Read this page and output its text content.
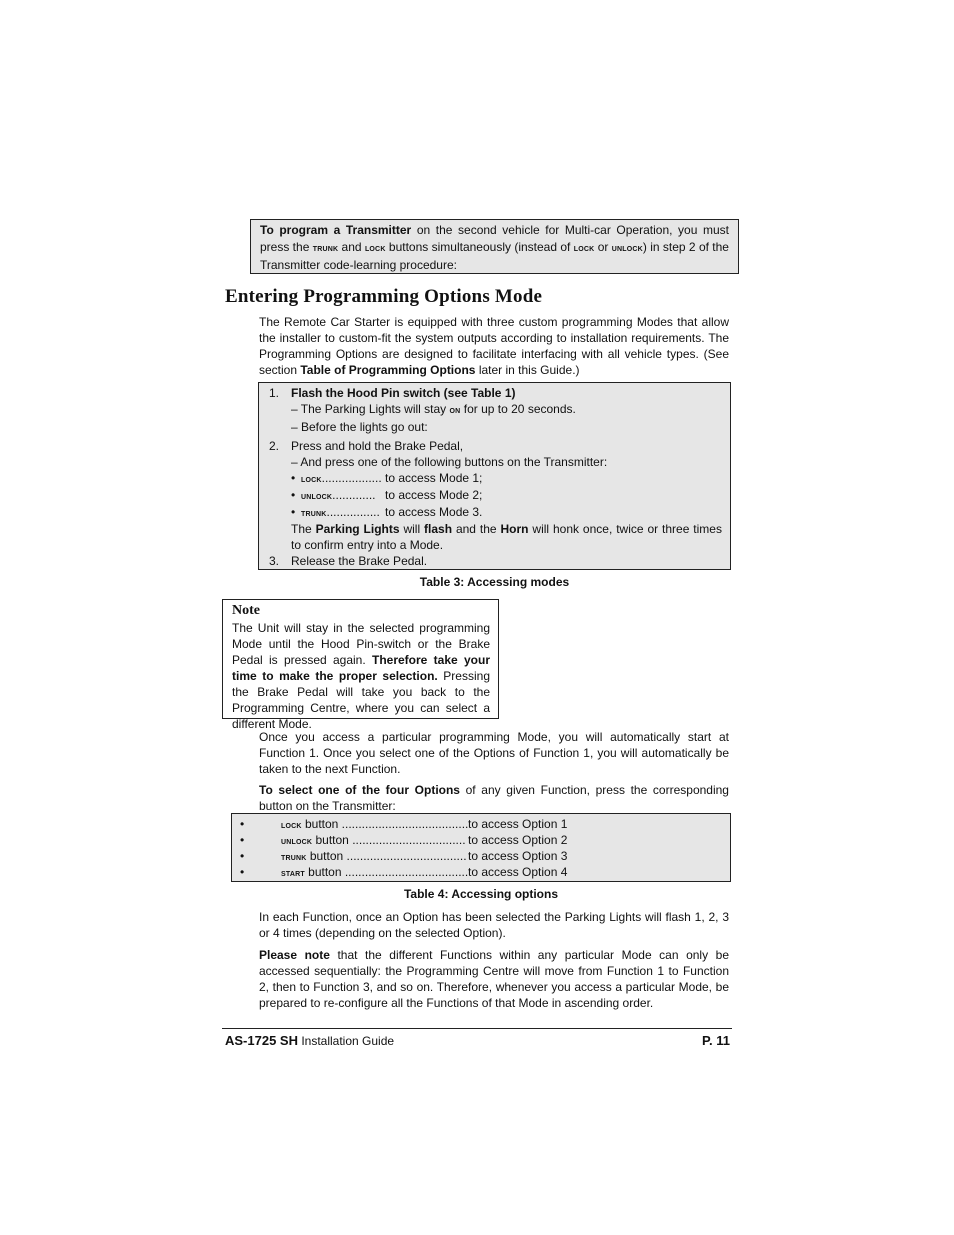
To program a Transmitter on the second vehicle for Multi-car Operation, you must press the trunk and lock buttons simultaneously (instead of lock or unlock) in step 2 of the Transmitter code-learning procedure:
Entering Programming Options Mode
The Remote Car Starter is equipped with three custom programming Modes that allow the installer to custom-fit the system outputs according to installation requirements. The Programming Options are designed to facilitate interfacing with all vehicle types. (See section Table of Programming Options later in this Guide.)
1. Flash the Hood Pin switch (see Table 1)
– The Parking Lights will stay on for up to 20 seconds.
– Before the lights go out:
2. Press and hold the Brake Pedal,
– And press one of the following buttons on the Transmitter:
• lock.................. to access Mode 1;
• unlock............. to access Mode 2;
• trunk................ to access Mode 3.
The Parking Lights will flash and the Horn will honk once, twice or three times to confirm entry into a Mode.
3. Release the Brake Pedal.
Table 3: Accessing modes
Note
The Unit will stay in the selected programming Mode until the Hood Pin-switch or the Brake Pedal is pressed again. Therefore take your time to make the proper selection. Pressing the Brake Pedal will take you back to the Programming Centre, where you can select a different Mode.
Once you access a particular programming Mode, you will automatically start at Function 1. Once you select one of the Options of Function 1, you will automatically be taken to the next Function.
To select one of the four Options of any given Function, press the corresponding button on the Transmitter:
•	lock button ...................................... to access Option 1
•	unlock button .................................. to access Option 2
•	trunk button .................................... to access Option 3
•	start button ..................................... to access Option 4
Table 4: Accessing options
In each Function, once an Option has been selected the Parking Lights will flash 1, 2, 3 or 4 times (depending on the selected Option).
Please note that the different Functions within any particular Mode can only be accessed sequentially: the Programming Centre will move from Function 1 to Function 2, then to Function 3, and so on. Therefore, whenever you access a particular Mode, be prepared to re-configure all the Functions of that Mode in ascending order.
AS-1725 SH Installation Guide	P. 11
